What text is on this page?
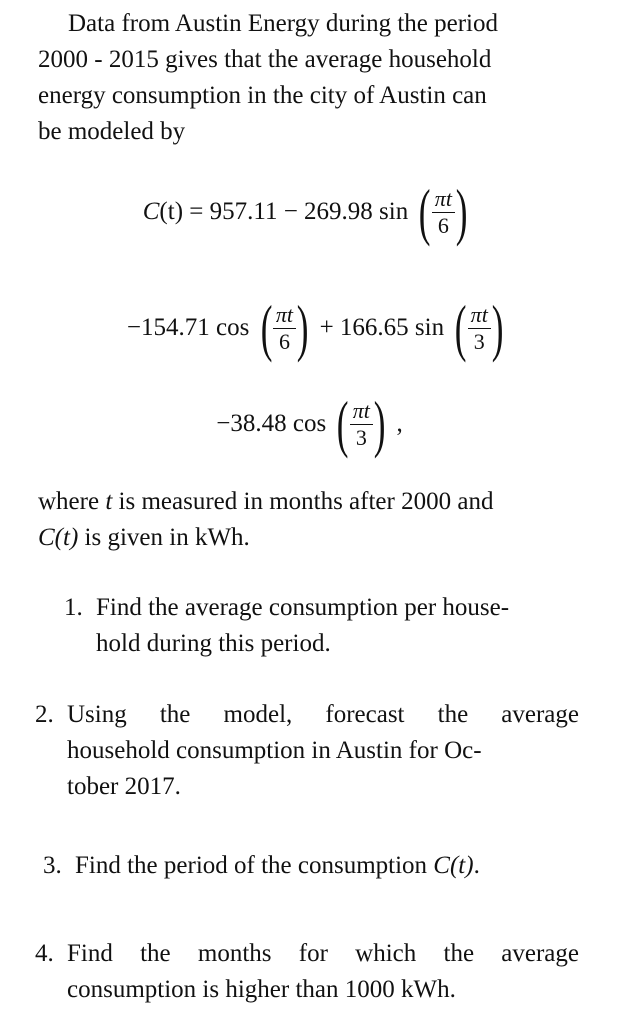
Data from Austin Energy during the period
2000 - 2015 gives that the average household
energy consumption in the city of Austin can
be modeled by
C(t) = 957.11 − 269.98 sin ( $\frac{\pi t}{6}$ )
−154.71 cos ( $\frac{\pi t}{6}$ ) + 166.65 sin ( $\frac{\pi t}{3}$ )
−38.48 cos ( $\frac{\pi t}{3}$ ) ,
where t is measured in months after 2000 and
C(t) is given in kWh.
1. Find the average consumption per house-
hold during this period.
2. Using the model, forecast the average
household consumption in Austin for Oc-
tober 2017.
3. Find the period of the consumption C(t).
4. Find the months for which the average
consumption is higher than 1000 kWh.
